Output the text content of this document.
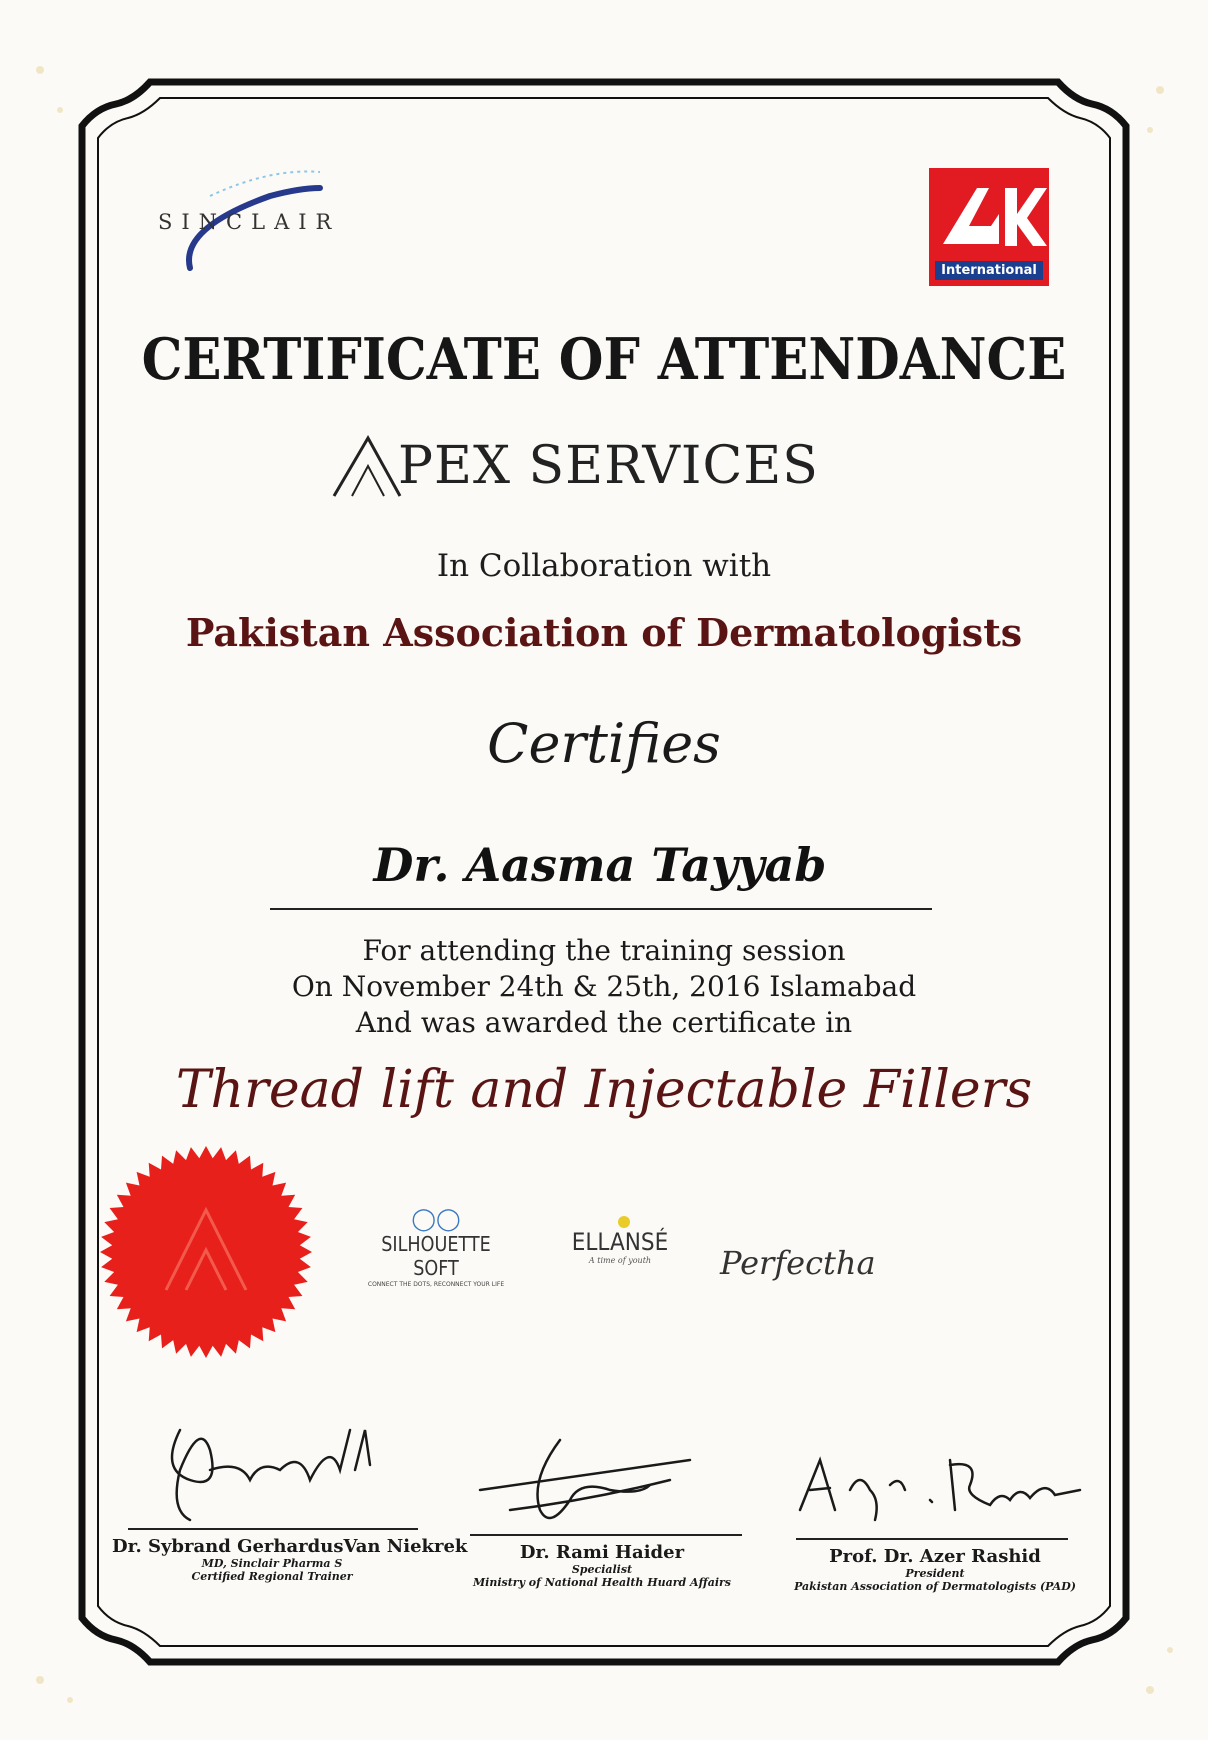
SINCLAIR
International
CERTIFICATE OF ATTENDANCE
PEX SERVICES
In Collaboration with
Pakistan Association of Dermatologists
Certifies
Dr. Aasma Tayyab
For attending the training session
On November 24th & 25th, 2016 Islamabad
And was awarded the certificate in
Thread lift and Injectable Fillers
◯◯
SILHOUETTE SOFT
CONNECT THE DOTS, RECONNECT YOUR LIFE
ELLANSÉ
A time of youth	Perfectha
Dr. Sybrand GerhardusVan Niekrek
MD, Sinclair Pharma S
Certified Regional Trainer
Dr. Rami Haider
Specialist
Ministry of National Health Huard Affairs
Prof. Dr. Azer Rashid
President
Pakistan Association of Dermatologists (PAD)
